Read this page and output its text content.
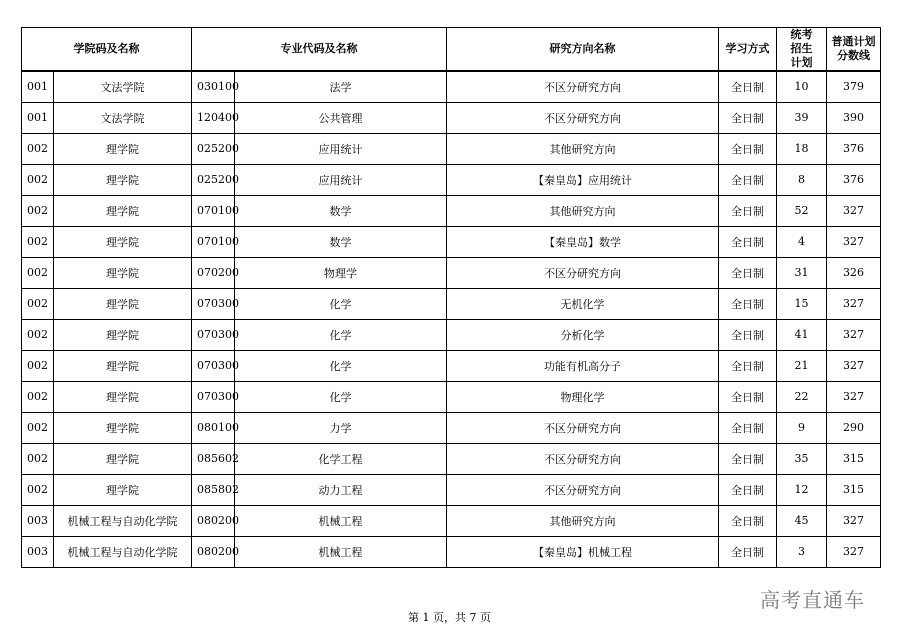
学院码及名称		专业代码及名称		研究方向名称	学习方式	统考招生计划	普通计划分数线

001	文法学院	030100	法学	不区分研究方向	全日制	10	379
001	文法学院	120400	公共管理	不区分研究方向	全日制	39	390
002	理学院	025200	应用统计	其他研究方向	全日制	18	376
002	理学院	025200	应用统计	【秦皇岛】应用统计	全日制	8	376
002	理学院	070100	数学	其他研究方向	全日制	52	327
002	理学院	070100	数学	【秦皇岛】数学	全日制	4	327
002	理学院	070200	物理学	不区分研究方向	全日制	31	326
002	理学院	070300	化学	无机化学	全日制	15	327
002	理学院	070300	化学	分析化学	全日制	41	327
002	理学院	070300	化学	功能有机高分子	全日制	21	327
002	理学院	070300	化学	物理化学	全日制	22	327
002	理学院	080100	力学	不区分研究方向	全日制	9	290
002	理学院	085602	化学工程	不区分研究方向	全日制	35	315
002	理学院	085802	动力工程	不区分研究方向	全日制	12	315
003	机械工程与自动化学院	080200	机械工程	其他研究方向	全日制	45	327
003	机械工程与自动化学院	080200	机械工程	【秦皇岛】机械工程	全日制	3	327
第 1 页，共 7 页
高考直通车
